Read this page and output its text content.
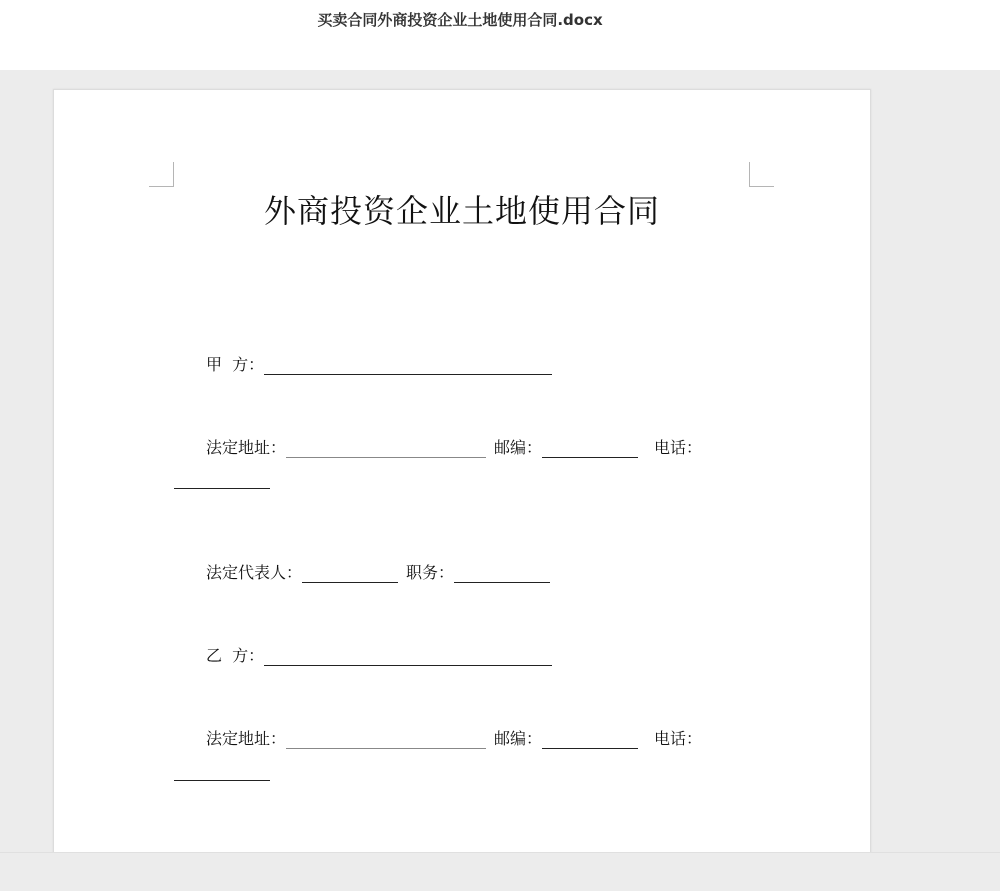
买卖合同外商投资企业土地使用合同.docx
外商投资企业土地使用合同
甲  方：
法定地址：	邮编：	电话：
法定代表人：	职务：
乙  方：
法定地址：	邮编：	电话：
